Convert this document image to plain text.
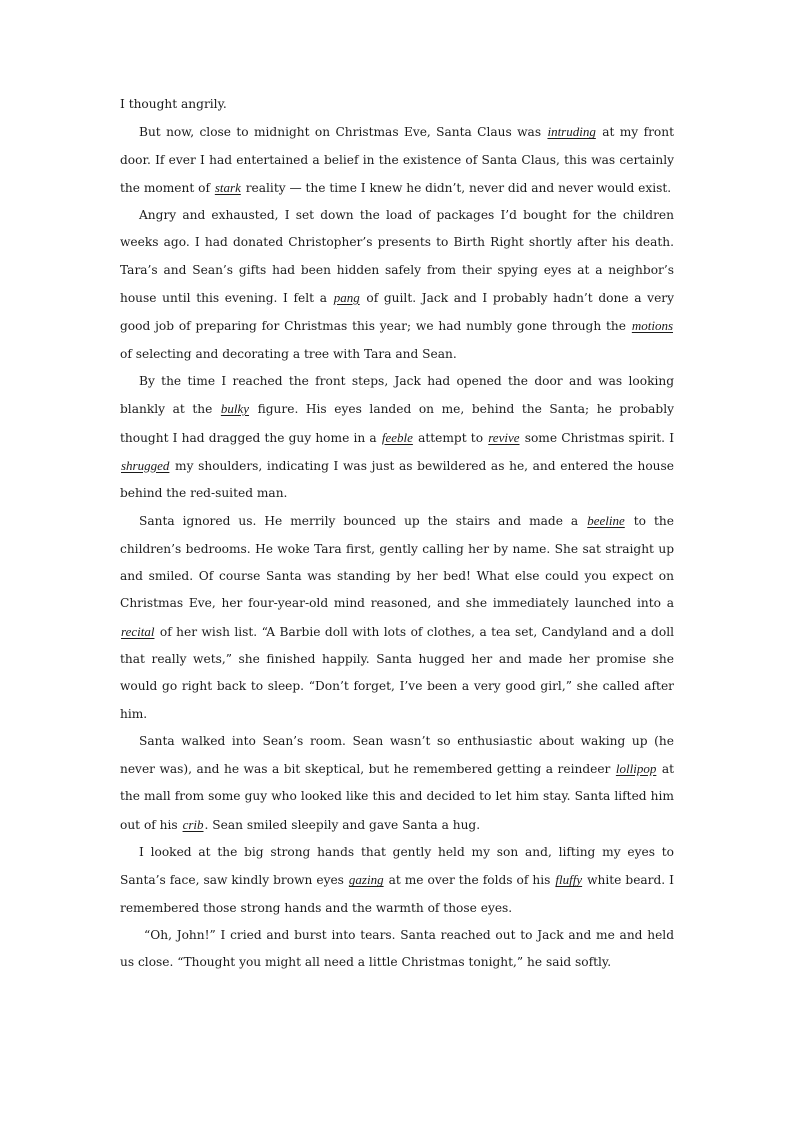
I thought angrily.

But now, close to midnight on Christmas Eve, Santa Claus was intruding at my front door. If ever I had entertained a belief in the existence of Santa Claus, this was certainly the moment of stark reality — the time I knew he didn’t, never did and never would exist.

Angry and exhausted, I set down the load of packages I’d bought for the children weeks ago. I had donated Christopher’s presents to Birth Right shortly after his death. Tara’s and Sean’s gifts had been hidden safely from their spying eyes at a neighbor’s house until this evening. I felt a pang of guilt. Jack and I probably hadn’t done a very good job of preparing for Christmas this year; we had numbly gone through the motions of selecting and decorating a tree with Tara and Sean.

By the time I reached the front steps, Jack had opened the door and was looking blankly at the bulky figure. His eyes landed on me, behind the Santa; he probably thought I had dragged the guy home in a feeble attempt to revive some Christmas spirit. I shrugged my shoulders, indicating I was just as bewildered as he, and entered the house behind the red-suited man.

Santa ignored us. He merrily bounced up the stairs and made a beeline to the children’s bedrooms. He woke Tara first, gently calling her by name. She sat straight up and smiled. Of course Santa was standing by her bed! What else could you expect on Christmas Eve, her four-year-old mind reasoned, and she immediately launched into a recital of her wish list. “A Barbie doll with lots of clothes, a tea set, Candyland and a doll that really wets,” she finished happily. Santa hugged her and made her promise she would go right back to sleep. “Don’t forget, I’ve been a very good girl,” she called after him.

Santa walked into Sean’s room. Sean wasn’t so enthusiastic about waking up (he never was), and he was a bit skeptical, but he remembered getting a reindeer lollipop at the mall from some guy who looked like this and decided to let him stay. Santa lifted him out of his crib. Sean smiled sleepily and gave Santa a hug.

I looked at the big strong hands that gently held my son and, lifting my eyes to Santa’s face, saw kindly brown eyes gazing at me over the folds of his fluffy white beard. I remembered those strong hands and the warmth of those eyes.

“Oh, John!” I cried and burst into tears. Santa reached out to Jack and me and held us close. “Thought you might all need a little Christmas tonight,” he said softly.
